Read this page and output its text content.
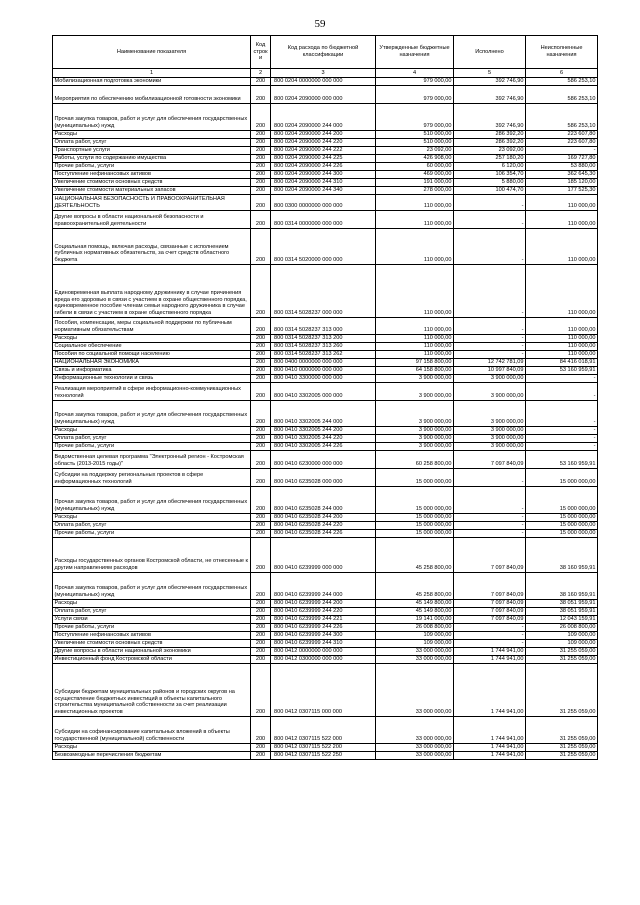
59
Наименование показателя	Код строк и	Код расхода по бюджетной классификации	Утвержденные бюджетные назначения	Исполнено	Неисполненные назначения
1	2	3	4	5	6
Мобилизационная подготовка экономики	200	800 0204 0000000 000 000	979 000,00	392 746,90	586 253,10
Мероприятия по обеспечению мобилизационной готовности экономики	200	800 0204 2090000 000 000	979 000,00	392 746,90	586 253,10
Прочая закупка товаров, работ и услуг для обеспечения государственных (муниципальных) нужд	200	800 0204 2090000 244 000	979 000,00	392 746,90	586 253,10
Расходы	200	800 0204 2090000 244 200	510 000,00	286 392,20	223 607,80
Оплата работ, услуг	200	800 0204 2090000 244 220	510 000,00	286 392,20	223 607,80
Транспортные услуги	200	800 0204 2090000 244 222	23 092,00	23 092,00	-
Работы, услуги по содержанию имущества	200	800 0204 2090000 244 225	426 908,00	257 180,20	169 727,80
Прочие работы, услуги	200	800 0204 2090000 244 226	60 000,00	6 120,00	53 880,00
Поступление нефинансовых активов	200	800 0204 2090000 244 300	469 000,00	106 354,70	362 645,30
Увеличение стоимости основных средств	200	800 0204 2090000 244 310	191 000,00	5 880,00	185 120,00
Увеличение стоимости материальных запасов	200	800 0204 2090000 244 340	278 000,00	100 474,70	177 525,30
НАЦИОНАЛЬНАЯ БЕЗОПАСНОСТЬ И ПРАВООХРАНИТЕЛЬНАЯ ДЕЯТЕЛЬНОСТЬ	200	800 0300 0000000 000 000	110 000,00	-	110 000,00
Другие вопросы в области национальной безопасности и правоохранительной деятельности	200	800 0314 0000000 000 000	110 000,00	-	110 000,00
Социальная помощь, включая расходы, связанные с исполнением публичных нормативных обязательств, за счет средств областного бюджета	200	800 0314 5020000 000 000	110 000,00	-	110 000,00
Единовременная выплата народному дружиннику в случае причинения вреда его здоровью в связи с участием в охране общественного порядка, единовременное пособие членам семьи народного дружинника в случае гибели в связи с участием в охране общественного порядка	200	800 0314 5028237 000 000	110 000,00	-	110 000,00
Пособия, компенсации, меры социальной поддержки по публичным нормативным обязательствам	200	800 0314 5028237 313 000	110 000,00	-	110 000,00
Расходы	200	800 0314 5028237 313 200	110 000,00	-	110 000,00
Социальное обеспечение	200	800 0314 5028237 313 260	110 000,00	-	110 000,00
Пособия по социальной помощи населению	200	800 0314 5028237 313 262	110 000,00	-	110 000,00
НАЦИОНАЛЬНАЯ ЭКОНОМИКА	200	800 0400 0000000 000 000	97 158 800,00	12 742 781,09	84 416 018,91
Связь и информатика	200	800 0410 0000000 000 000	64 158 800,00	10 997 840,09	53 160 959,91
Информационные технологии и связь	200	800 0410 3300000 000 000	3 900 000,00	3 900 000,00	-
Реализация мероприятий в сфере информационно-коммуникационных технологий	200	800 0410 3302005 000 000	3 900 000,00	3 900 000,00	-
Прочая закупка товаров, работ и услуг для обеспечения государственных (муниципальных) нужд	200	800 0410 3302005 244 000	3 900 000,00	3 900 000,00	-
Расходы	200	800 0410 3302005 244 200	3 900 000,00	3 900 000,00	-
Оплата работ, услуг	200	800 0410 3302005 244 220	3 900 000,00	3 900 000,00	-
Прочие работы, услуги	200	800 0410 3302005 244 226	3 900 000,00	3 900 000,00	-
Ведомственная целевая программа "Электронный регион - Костромская область (2013-2015 годы)"	200	800 0410 6230000 000 000	60 258 800,00	7 097 840,09	53 160 959,91
Субсидии на поддержку региональных проектов в сфере информационных технологий	200	800 0410 6235028 000 000	15 000 000,00	-	15 000 000,00
Прочая закупка товаров, работ и услуг для обеспечения государственных (муниципальных) нужд	200	800 0410 6235028 244 000	15 000 000,00	-	15 000 000,00
Расходы	200	800 0410 6235028 244 200	15 000 000,00	-	15 000 000,00
Оплата работ, услуг	200	800 0410 6235028 244 220	15 000 000,00	-	15 000 000,00
Прочие работы, услуги	200	800 0410 6235028 244 226	15 000 000,00	-	15 000 000,00
Расходы государственных органов Костромской области, не отнесенные к другим направлениям расходов	200	800 0410 6239999 000 000	45 258 800,00	7 097 840,09	38 160 959,91
Прочая закупка товаров, работ и услуг для обеспечения государственных (муниципальных) нужд	200	800 0410 6239999 244 000	45 258 800,00	7 097 840,09	38 160 959,91
Расходы	200	800 0410 6239999 244 200	45 149 800,00	7 097 840,09	38 051 959,91
Оплата работ, услуг	200	800 0410 6239999 244 220	45 149 800,00	7 097 840,09	38 051 959,91
Услуги связи	200	800 0410 6239999 244 221	19 141 000,00	7 097 840,09	12 043 159,91
Прочие работы, услуги	200	800 0410 6239999 244 226	26 008 800,00	-	26 008 800,00
Поступление нефинансовых активов	200	800 0410 6239999 244 300	109 000,00	-	109 000,00
Увеличение стоимости основных средств	200	800 0410 6239999 244 310	109 000,00	-	109 000,00
Другие вопросы в области национальной экономики	200	800 0412 0000000 000 000	33 000 000,00	1 744 941,00	31 255 059,00
Инвестиционный фонд Костромской области	200	800 0412 0300000 000 000	33 000 000,00	1 744 941,00	31 255 059,00
Субсидии бюджетам муниципальных районов и городских округов на осуществление бюджетных инвестиций в объекты капитального строительства муниципальной собственности за счет реализации инвестиционных проектов	200	800 0412 0307115 000 000	33 000 000,00	1 744 941,00	31 255 059,00
Субсидии на софинансирование капитальных вложений в объекты государственной (муниципальной) собственности	200	800 0412 0307115 522 000	33 000 000,00	1 744 941,00	31 255 059,00
Расходы	200	800 0412 0307115 522 200	33 000 000,00	1 744 941,00	31 255 059,00
Безвозмездные перечисления бюджетам	200	800 0412 0307115 522 250	33 000 000,00	1 744 941,00	31 255 059,00
